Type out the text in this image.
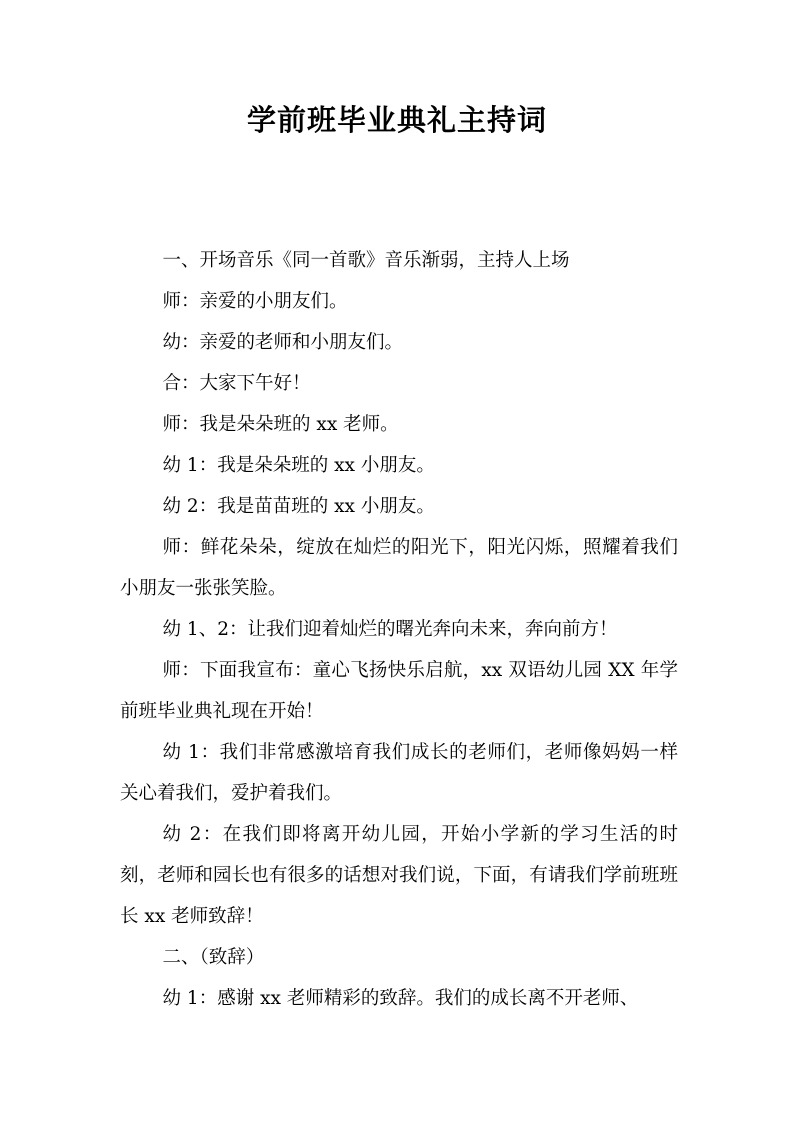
学前班毕业典礼主持词

一、开场音乐《同一首歌》音乐渐弱，主持人上场

师：亲爱的小朋友们。

幼：亲爱的老师和小朋友们。

合：大家下午好！

师：我是朵朵班的 xx 老师。

幼 1：我是朵朵班的 xx 小朋友。

幼 2：我是苗苗班的 xx 小朋友。

师：鲜花朵朵，绽放在灿烂的阳光下，阳光闪烁，照耀着我们小朋友一张张笑脸。

幼 1、2：让我们迎着灿烂的曙光奔向未来，奔向前方！

师：下面我宣布：童心飞扬快乐启航，xx 双语幼儿园 XX 年学前班毕业典礼现在开始！

幼 1：我们非常感激培育我们成长的老师们，老师像妈妈一样关心着我们，爱护着我们。

幼 2：在我们即将离开幼儿园，开始小学新的学习生活的时刻，老师和园长也有很多的话想对我们说，下面，有请我们学前班班长 xx 老师致辞！

二、（致辞）

幼 1：感谢 xx 老师精彩的致辞。我们的成长离不开老师、
